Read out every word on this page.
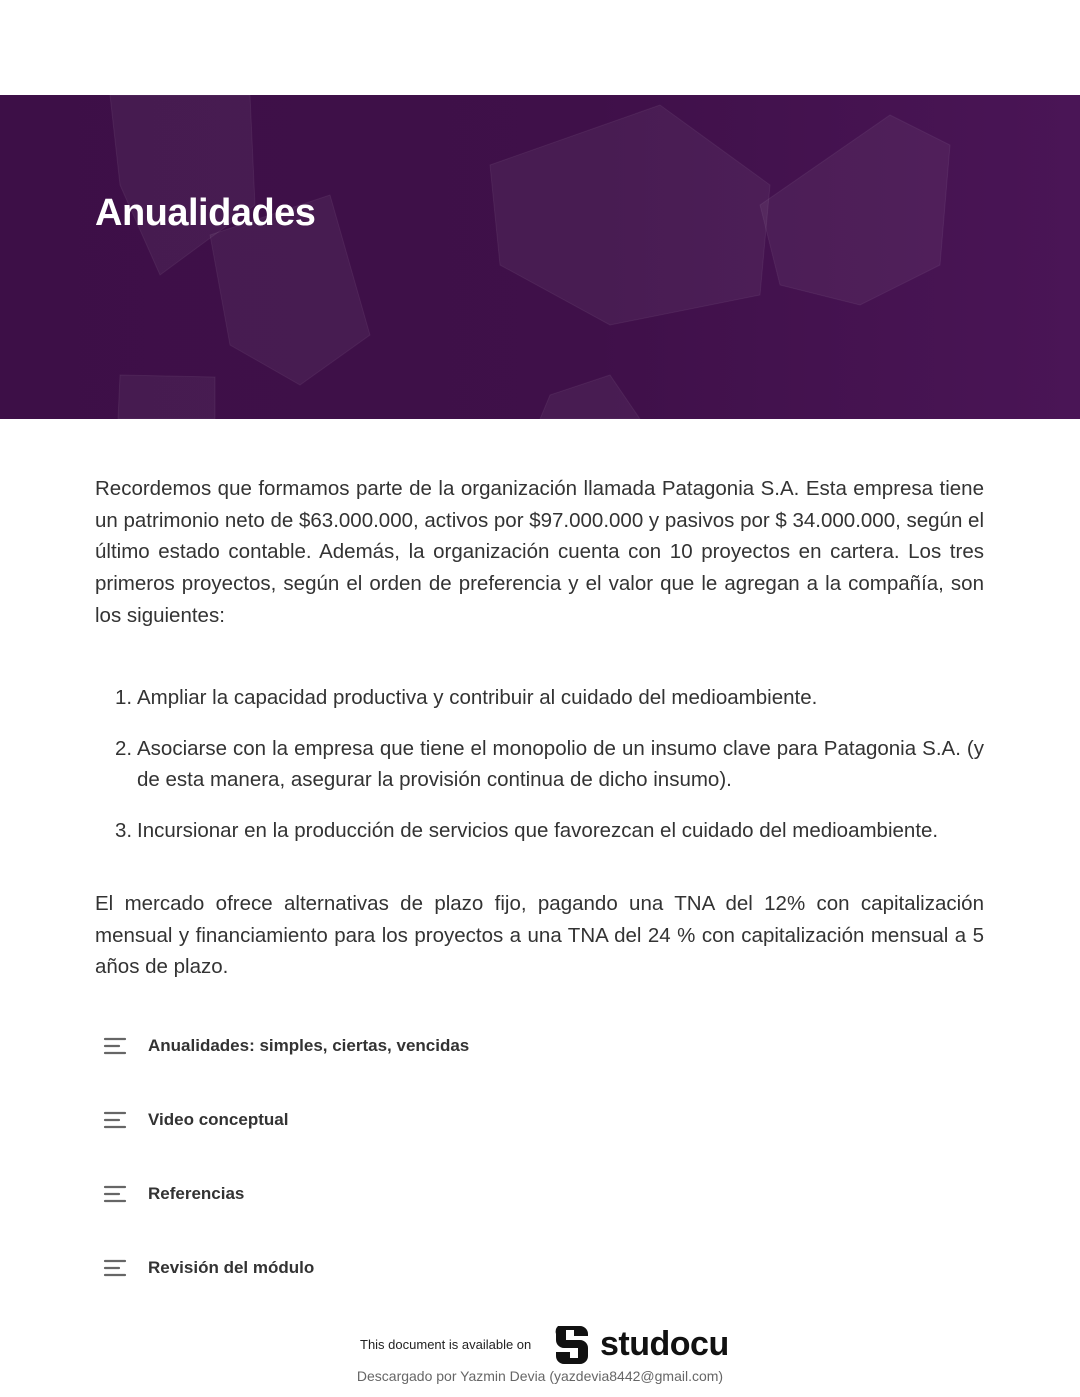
Anualidades

Recordemos que formamos parte de la organización llamada Patagonia S.A. Esta empresa tiene un patrimonio neto de $63.000.000, activos por $97.000.000 y pasivos por $ 34.000.000, según el último estado contable. Además, la organización cuenta con 10 proyectos en cartera. Los tres primeros proyectos, según el orden de preferencia y el valor que le agregan a la compañía, son los siguientes:

1. Ampliar la capacidad productiva y contribuir al cuidado del medioambiente.
2. Asociarse con la empresa que tiene el monopolio de un insumo clave para Patagonia S.A. (y de esta manera, asegurar la provisión continua de dicho insumo).
3. Incursionar en la producción de servicios que favorezcan el cuidado del medioambiente.

El mercado ofrece alternativas de plazo fijo, pagando una TNA del 12% con capitalización mensual y financiamiento para los proyectos a una TNA del 24 % con capitalización mensual a 5 años de plazo.

Anualidades: simples, ciertas, vencidas
Video conceptual
Referencias
Revisión del módulo
This document is available on studocu
Descargado por Yazmin Devia (yazdevia8442@gmail.com)
